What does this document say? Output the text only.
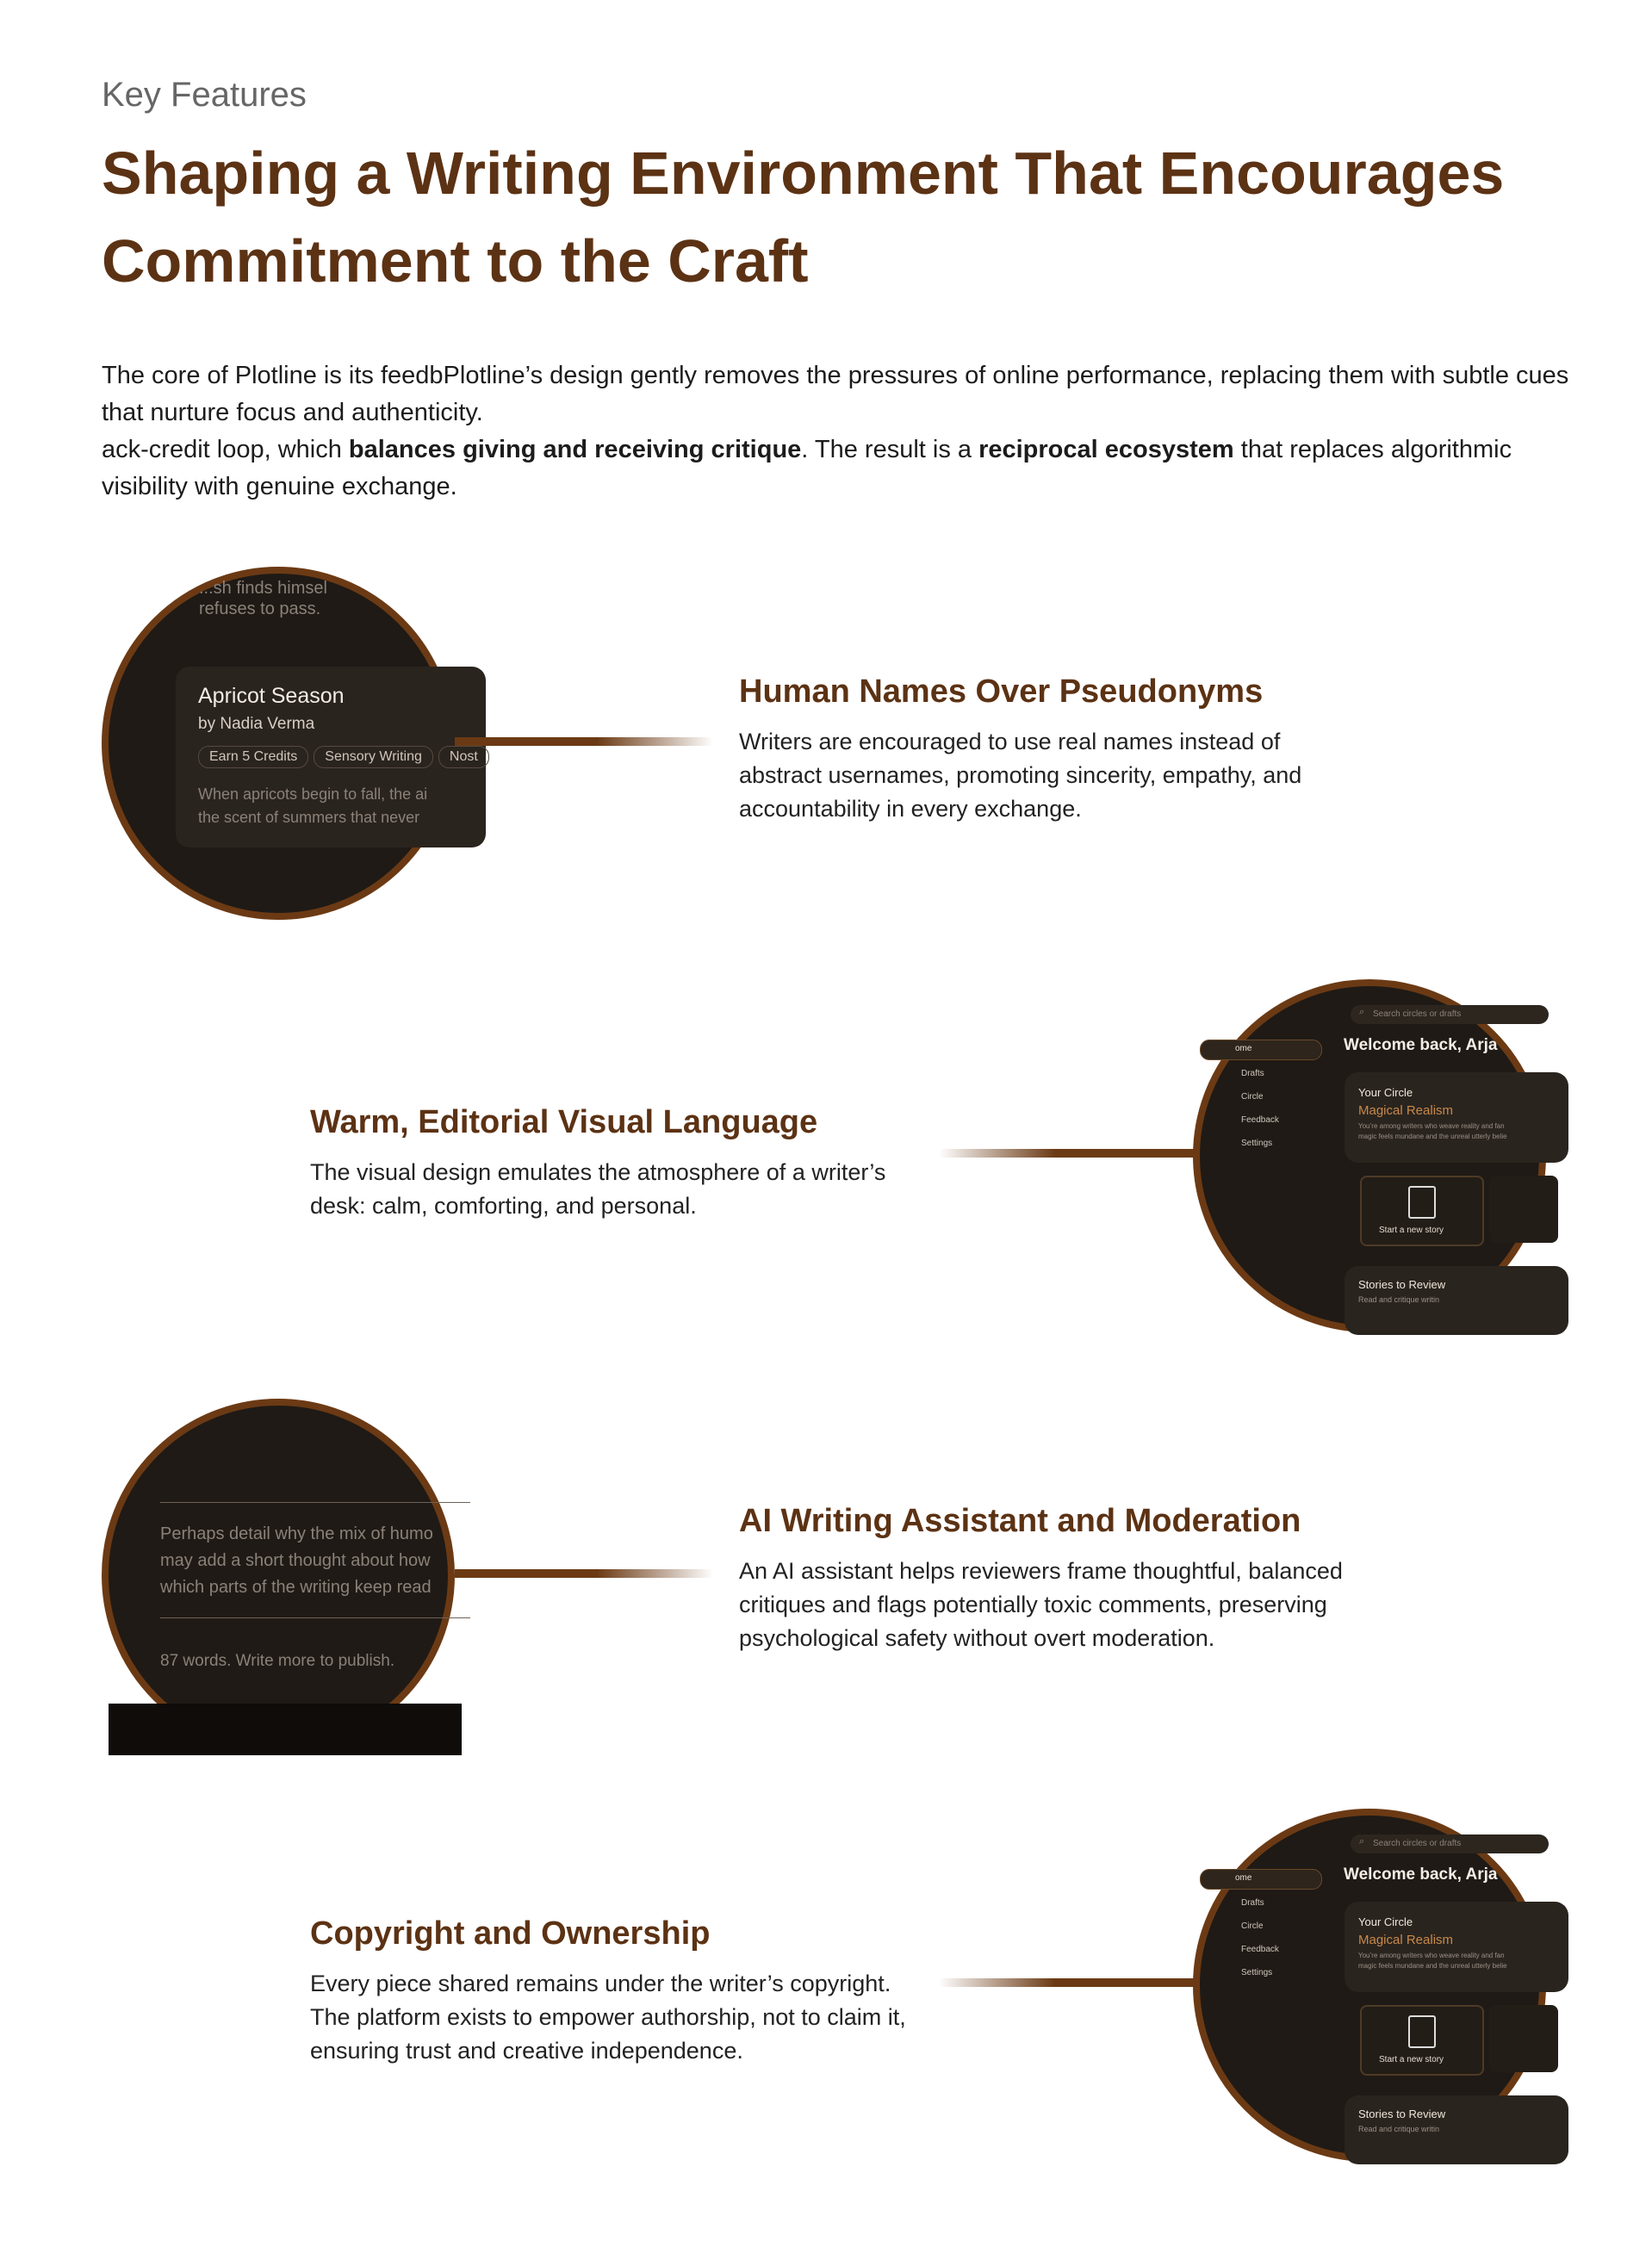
Key Features
Shaping a Writing Environment That Encourages Commitment to the Craft
The core of Plotline is its feedbPlotline’s design gently removes the pressures of online performance, replacing them with subtle cues that nurture focus and authenticity.
ack-credit loop, which balances giving and receiving critique. The result is a reciprocal ecosystem that replaces algorithmic visibility with genuine exchange.
...sh finds himsel
refuses to pass.
Apricot Season
by Nadia Verma
Earn 5 Credits Sensory Writing Nost
When apricots begin to fall, the ai
the scent of summers that never
Human Names Over Pseudonyms
Writers are encouraged to use real names instead of abstract usernames, promoting sincerity, empathy, and accountability in every exchange.
Warm, Editorial Visual Language
The visual design emulates the atmosphere of a writer’s desk: calm, comforting, and personal.
⌕ Search circles or drafts
ome
Drafts
Circle
Feedback
Settings
Welcome back, Arja
Your Circle
Magical Realism
You’re among writers who weave reality and fan
magic feels mundane and the unreal utterly belie
Start a new story
Stories to Review
Read and critique writin
Perhaps detail why the mix of humo
may add a short thought about how
which parts of the writing keep read
87 words. Write more to publish.
AI Writing Assistant and Moderation
An AI assistant helps reviewers frame thoughtful, balanced critiques and flags potentially toxic comments, preserving psychological safety without overt moderation.
Copyright and Ownership
Every piece shared remains under the writer’s copyright. The platform exists to empower authorship, not to claim it, ensuring trust and creative independence.
⌕ Search circles or drafts
ome
Drafts
Circle
Feedback
Settings
Welcome back, Arja
Your Circle
Magical Realism
You’re among writers who weave reality and fan
magic feels mundane and the unreal utterly belie
Start a new story
Stories to Review
Read and critique writin
